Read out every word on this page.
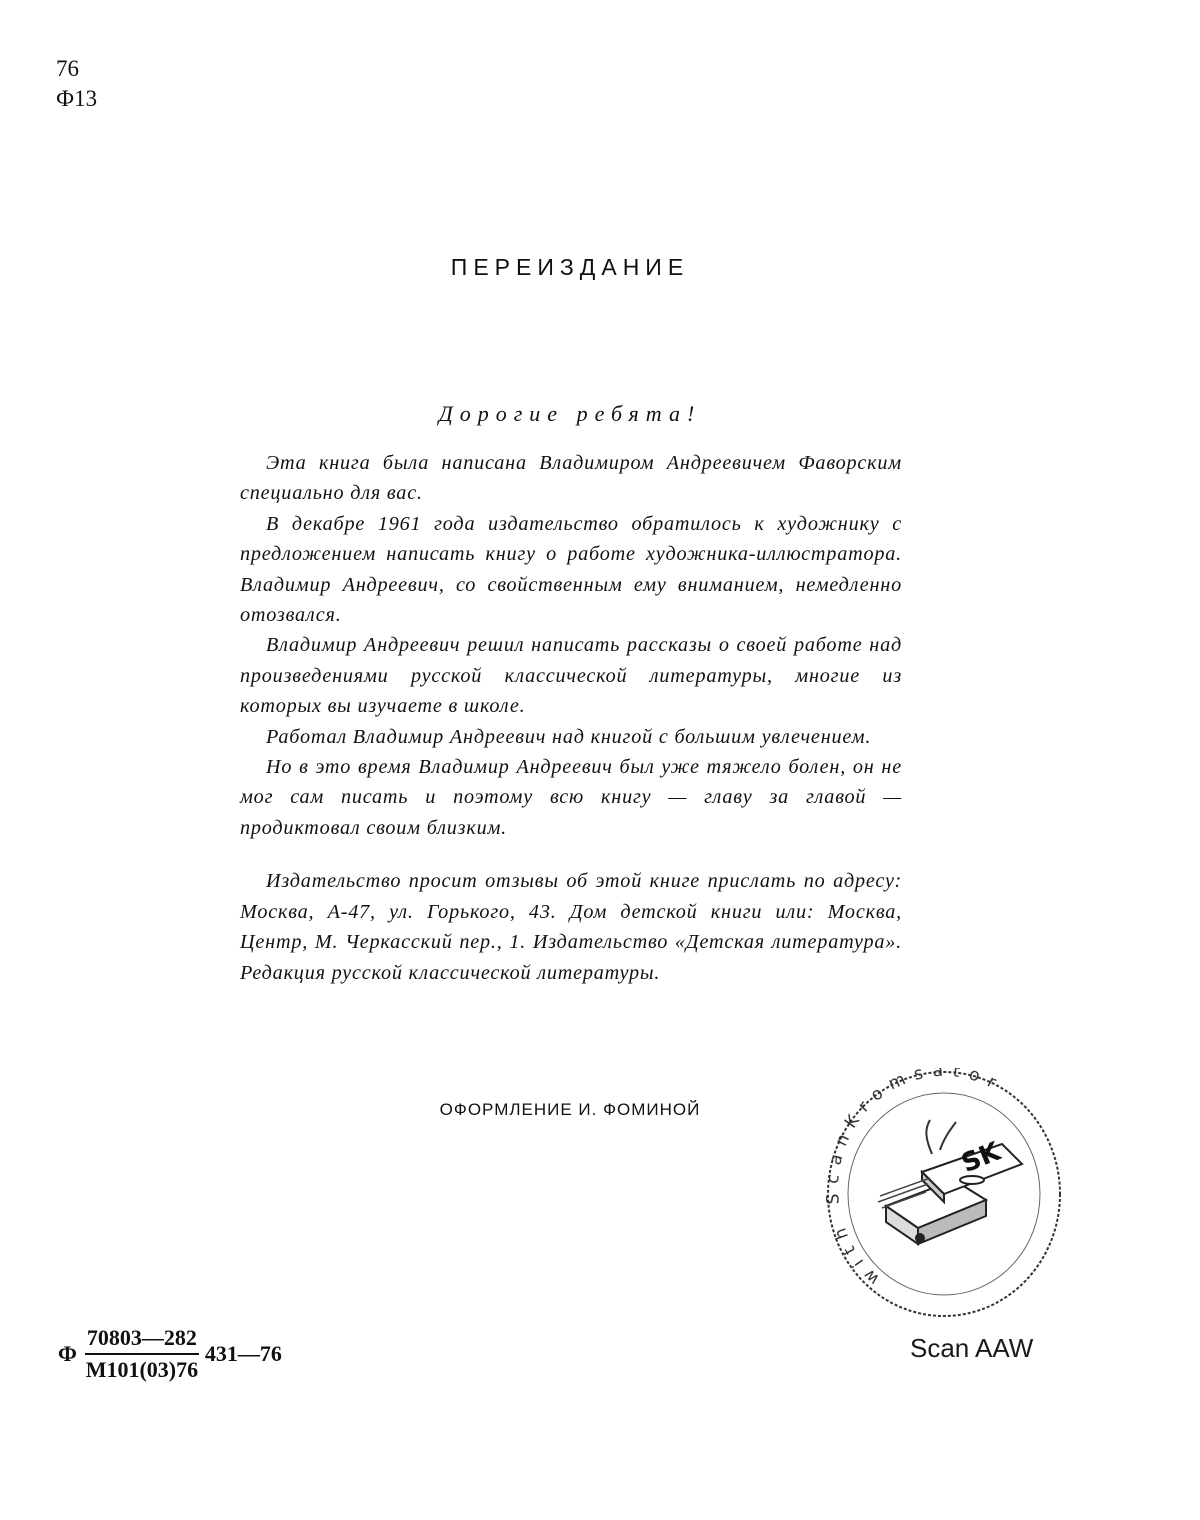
76
Ф13
ПЕРЕИЗДАНИЕ
Дорогие ребята!

Эта книга была написана Владимиром Андреевичем Фаворским специально для вас.

В декабре 1961 года издательство обратилось к художнику с предложением написать книгу о работе художника-иллюстратора. Владимир Андреевич, со свойственным ему вниманием, немедленно отозвался.

Владимир Андреевич решил написать рассказы о своей работе над произведениями русской классической литературы, многие из которых вы изучаете в школе.

Работал Владимир Андреевич над книгой с большим увлечением.

Но в это время Владимир Андреевич был уже тяжело болен, он не мог сам писать и поэтому всю книгу — главу за главой — продиктовал своим близким.

Издательство просит отзывы об этой книге прислать по адресу: Москва, А-47, ул. Горького, 43. Дом детской книги или: Москва, Центр, М. Черкасский пер., 1. Издательство «Детская литература». Редакция русской классической литературы.

ОФОРМЛЕНИЕ И. ФОМИНОЙ
Ф $\frac{70803—282}{М101(03)76}$ 431—76
with anKromsator
SK
Scan AAW
